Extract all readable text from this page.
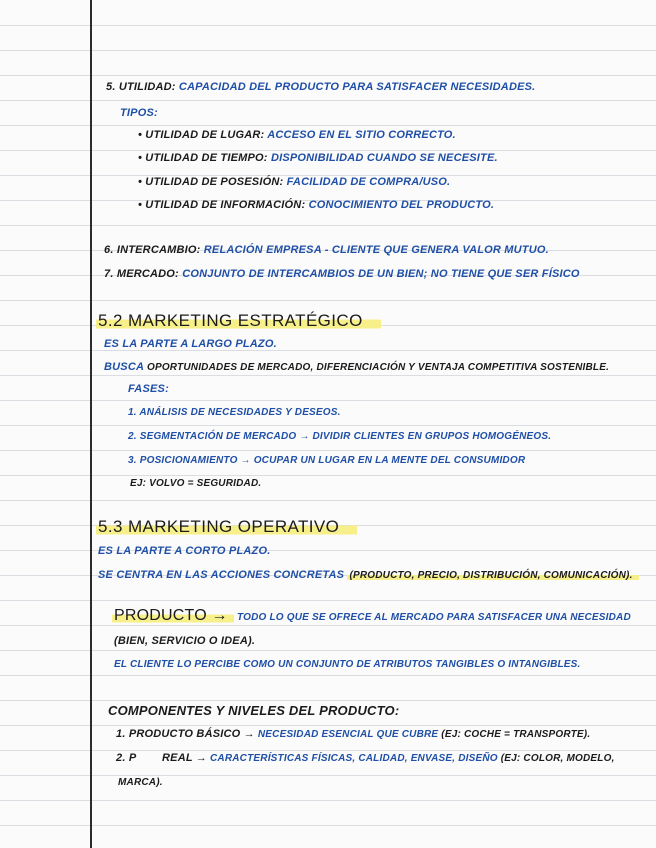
5. UTILIDAD: CAPACIDAD DEL PRODUCTO PARA SATISFACER NECESIDADES.
TIPOS:
• UTILIDAD DE LUGAR: ACCESO EN EL SITIO CORRECTO.
• UTILIDAD DE TIEMPO: DISPONIBILIDAD CUANDO SE NECESITE.
• UTILIDAD DE POSESIÓN: FACILIDAD DE COMPRA/USO.
• UTILIDAD DE INFORMACIÓN: CONOCIMIENTO DEL PRODUCTO.
6. INTERCAMBIO: RELACIÓN EMPRESA - CLIENTE QUE GENERA VALOR MUTUO.
7. MERCADO: CONJUNTO DE INTERCAMBIOS DE UN BIEN; NO TIENE QUE SER FÍSICO
5.2 MARKETING ESTRATÉGICO
ES LA PARTE A LARGO PLAZO.
BUSCA OPORTUNIDADES DE MERCADO, DIFERENCIACIÓN Y VENTAJA COMPETITIVA SOSTENIBLE.
FASES:
1. ANÁLISIS DE NECESIDADES Y DESEOS.
2. SEGMENTACIÓN DE MERCADO → DIVIDIR CLIENTES EN GRUPOS HOMOGÉNEOS.
3. POSICIONAMIENTO → OCUPAR UN LUGAR EN LA MENTE DEL CONSUMIDOR
EJ: VOLVO = SEGURIDAD.
5.3 MARKETING OPERATIVO
ES LA PARTE A CORTO PLAZO.
SE CENTRA EN LAS ACCIONES CONCRETAS (PRODUCTO, PRECIO, DISTRIBUCIÓN, COMUNICACIÓN).
PRODUCTO → TODO LO QUE SE OFRECE AL MERCADO PARA SATISFACER UNA NECESIDAD
(BIEN, SERVICIO O IDEA).
EL CLIENTE LO PERCIBE COMO UN CONJUNTO DE ATRIBUTOS TANGIBLES O INTANGIBLES.
COMPONENTES Y NIVELES DEL PRODUCTO:
1. PRODUCTO BÁSICO → NECESIDAD ESENCIAL QUE CUBRE (EJ: COCHE = TRANSPORTE).
2. P        REAL → CARACTERÍSTICAS FÍSICAS, CALIDAD, ENVASE, DISEÑO (EJ: COLOR, MODELO,
MARCA).
